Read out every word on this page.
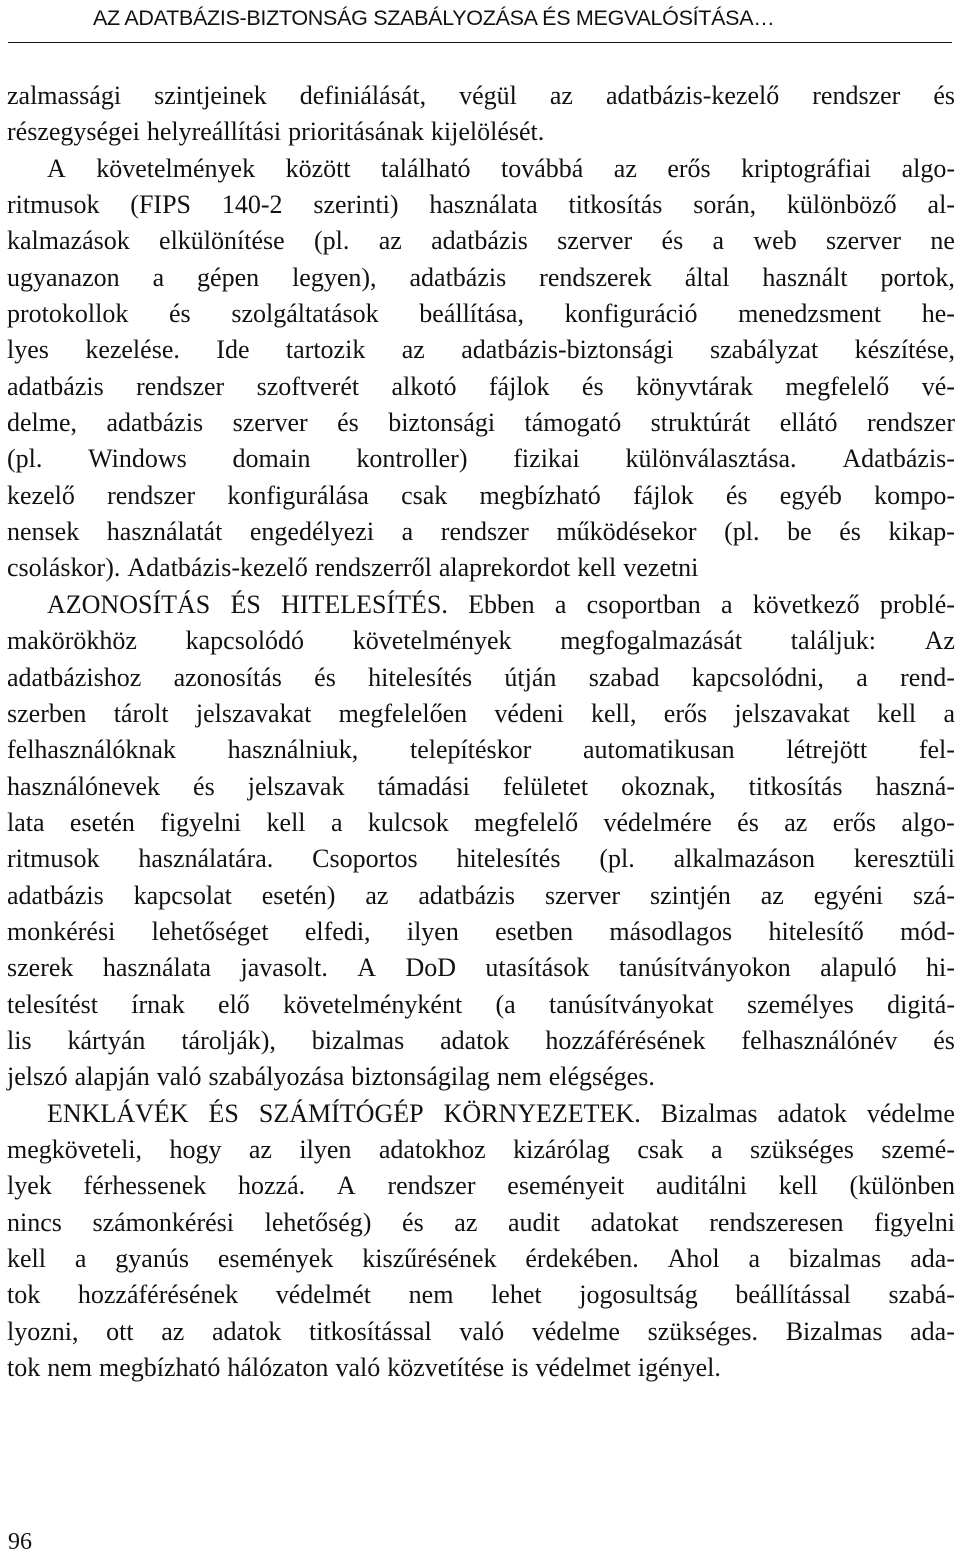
AZ ADATBÁZIS-BIZTONSÁG SZABÁLYOZÁSA ÉS MEGVALÓSÍTÁSA…
zalmassági szintjeinek definiálását, végül az adatbázis-kezelő rendszer és
részegységei helyreállítási prioritásának kijelölését.
A követelmények között található továbbá az erős kriptográfiai algo-
ritmusok (FIPS 140-2 szerinti) használata titkosítás során, különböző al-
kalmazások elkülönítése (pl. az adatbázis szerver és a web szerver ne
ugyanazon a gépen legyen), adatbázis rendszerek által használt portok,
protokollok és szolgáltatások beállítása, konfiguráció menedzsment he-
lyes kezelése. Ide tartozik az adatbázis-biztonsági szabályzat készítése,
adatbázis rendszer szoftverét alkotó fájlok és könyvtárak megfelelő vé-
delme, adatbázis szerver és biztonsági támogató struktúrát ellátó rendszer
(pl. Windows domain kontroller) fizikai különválasztása. Adatbázis-
kezelő rendszer konfigurálása csak megbízható fájlok és egyéb kompo-
nensek használatát engedélyezi a rendszer működésekor (pl. be és kikap-
csoláskor). Adatbázis-kezelő rendszerről alaprekordot kell vezetni
AZONOSÍTÁS ÉS HITELESÍTÉS. Ebben a csoportban a következő problé-
makörökhöz kapcsolódó követelmények megfogalmazását találjuk: Az
adatbázishoz azonosítás és hitelesítés útján szabad kapcsolódni, a rend-
szerben tárolt jelszavakat megfelelően védeni kell, erős jelszavakat kell a
felhasználóknak használniuk, telepítéskor automatikusan létrejött fel-
használónevek és jelszavak támadási felületet okoznak, titkosítás haszná-
lata esetén figyelni kell a kulcsok megfelelő védelmére és az erős algo-
ritmusok használatára. Csoportos hitelesítés (pl. alkalmazáson keresztüli
adatbázis kapcsolat esetén) az adatbázis szerver szintjén az egyéni szá-
monkérési lehetőséget elfedi, ilyen esetben másodlagos hitelesítő mód-
szerek használata javasolt. A DoD utasítások tanúsítványokon alapuló hi-
telesítést írnak elő követelményként (a tanúsítványokat személyes digitá-
lis kártyán tárolják), bizalmas adatok hozzáférésének felhasználónév és
jelszó alapján való szabályozása biztonságilag nem elégséges.
ENKLÁVÉK ÉS SZÁMÍTÓGÉP KÖRNYEZETEK. Bizalmas adatok védelme
megköveteli, hogy az ilyen adatokhoz kizárólag csak a szükséges szemé-
lyek férhessenek hozzá. A rendszer eseményeit auditálni kell (különben
nincs számonkérési lehetőség) és az audit adatokat rendszeresen figyelni
kell a gyanús események kiszűrésének érdekében. Ahol a bizalmas ada-
tok hozzáférésének védelmét nem lehet jogosultság beállítással szabá-
lyozni, ott az adatok titkosítással való védelme szükséges. Bizalmas ada-
tok nem megbízható hálózaton való közvetítése is védelmet igényel.
96
